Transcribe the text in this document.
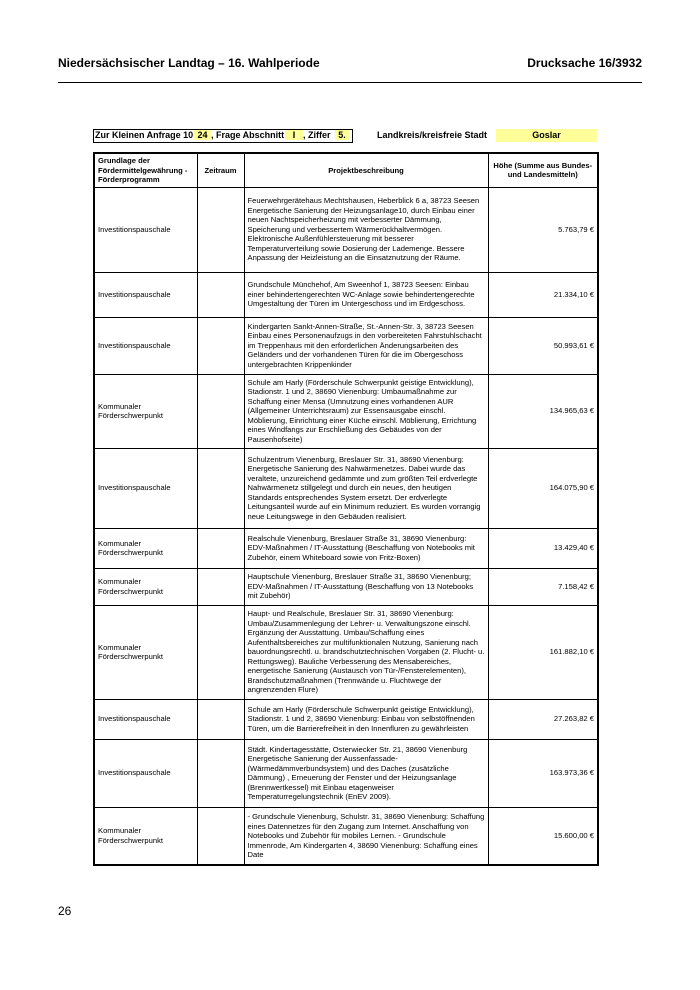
Niedersächsischer Landtag – 16. Wahlperiode	Drucksache 16/3932
Zur Kleinen Anfrage 10 24 , Frage Abschnitt I , Ziffer 5.	Landkreis/kreisfreie Stadt	Goslar
Grundlage der Fördermittelgewährung - Förderprogramm	Zeitraum	Projektbeschreibung	Höhe (Summe aus Bundes- und Landesmitteln)
Investitionspauschale		Feuerwehrgerätehaus Mechtshausen, Heberblick 6 a, 38723 Seesen Energetische Sanierung der Heizungsanlage10, durch Einbau einer neuen Nachtspeicherheizung mit verbesserter Dämmung, Speicherung und verbessertem Wärmerückhaltvermögen. Elektronische Außenfühlersteuerung mit besserer Temperaturverteilung sowie Dosierung der Lademenge. Bessere Anpassung der Heizleistung an die Einsatznutzung der Räume.	5.763,79 €
Investitionspauschale		Grundschule Münchehof, Am Sweenhof 1, 38723 Seesen: Einbau einer behindertengerechten WC-Anlage sowie behindertengerechte Umgestaltung der Türen im Untergeschoss und im Erdgeschoss.	21.334,10 €
Investitionspauschale		Kindergarten Sankt-Annen-Straße, St.-Annen-Str. 3, 38723 Seesen Einbau eines Personenaufzugs in den vorbereiteten Fahrstuhlschacht im Treppenhaus mit den erforderlichen Änderungsarbeiten des Geländers und der vorhandenen Türen für die im Obergeschoss untergebrachten Krippenkinder	50.993,61 €
Kommunaler Förderschwerpunkt		Schule am Harly (Förderschule Schwerpunkt geistige Entwicklung), Stadionstr. 1 und 2, 38690 Vienenburg: Umbaumaßnahme zur Schaffung einer Mensa (Umnutzung eines vorhandenen AUR (Allgemeiner Unterrichtsraum) zur Essensausgabe einschl. Möblierung, Einrichtung einer Küche einschl. Möblierung, Errichtung eines Windfangs zur Erschließung des Gebäudes von der Pausenhofseite)	134.965,63 €
Investitionspauschale		Schulzentrum Vienenburg, Breslauer Str. 31, 38690 Vienenburg: Energetische Sanierung des Nahwärmenetzes. Dabei wurde das veraltete, unzureichend gedämmte und zum größten Teil erdverlegte Nahwärmenetz stillgelegt und durch ein neues, den heutigen Standards entsprechendes System ersetzt. Der erdverlegte Leitungsanteil wurde auf ein Minimum reduziert. Es wurden vorrangig neue Leitungswege in den Gebäuden realisiert.	164.075,90 €
Kommunaler Förderschwerpunkt		Realschule Vienenburg, Breslauer Straße 31, 38690 Vienenburg: EDV-Maßnahmen / IT-Ausstattung (Beschaffung von Notebooks mit Zubehör, einem Whiteboard sowie von Fritz-Boxen)	13.429,40 €
Kommunaler Förderschwerpunkt		Hauptschule Vienenburg, Breslauer Straße 31, 38690 Vienenburg; EDV-Maßnahmen / IT-Ausstattung (Beschaffung von 13 Notebooks mit Zubehör)	7.158,42 €
Kommunaler Förderschwerpunkt		Haupt- und Realschule, Breslauer Str. 31, 38690 Vienenburg: Umbau/Zusammenlegung der Lehrer- u. Verwaltungszone einschl. Ergänzung der Ausstattung. Umbau/Schaffung eines Aufenthaltsbereiches zur multifunktionalen Nutzung, Sanierung nach bauordnungsrechtl. u. brandschutztechnischen Vorgaben (2. Flucht- u. Rettungsweg). Bauliche Verbesserung des Mensabereiches, energetische Sanierung (Austausch von Tür-/Fensterelementen), Brandschutzmaßnahmen (Trennwände u. Fluchtwege der angrenzenden Flure)	161.882,10 €
Investitionspauschale		Schule am Harly (Förderschule Schwerpunkt geistige Entwicklung), Stadionstr. 1 und 2, 38690 Vienenburg: Einbau von selbstöffnenden Türen, um die Barrierefreiheit in den Innenfluren zu gewährleisten	27.263,82 €
Investitionspauschale		Städt. Kindertagesstätte, Osterwiecker Str. 21, 38690 Vienenburg Energetische Sanierung der Aussenfassade- (Wärmedämmverbundsystem) und des Daches (zusätzliche Dämmung) , Erneuerung der Fenster und der Heizungsanlage (Brennwertkessel) mit Einbau etagenweiser Temperaturregelungstechnik (EnEV 2009).	163.973,36 €
Kommunaler Förderschwerpunkt		- Grundschule Vienenburg, Schulstr. 31, 38690 Vienenburg: Schaffung eines Datennetzes für den Zugang zum Internet. Anschaffung von Notebooks und Zubehör für mobiles Lernen. - Grundschule Immenrode, Am Kindergarten 4, 38690 Vienenburg: Schaffung eines Date	15.600,00 €
26
